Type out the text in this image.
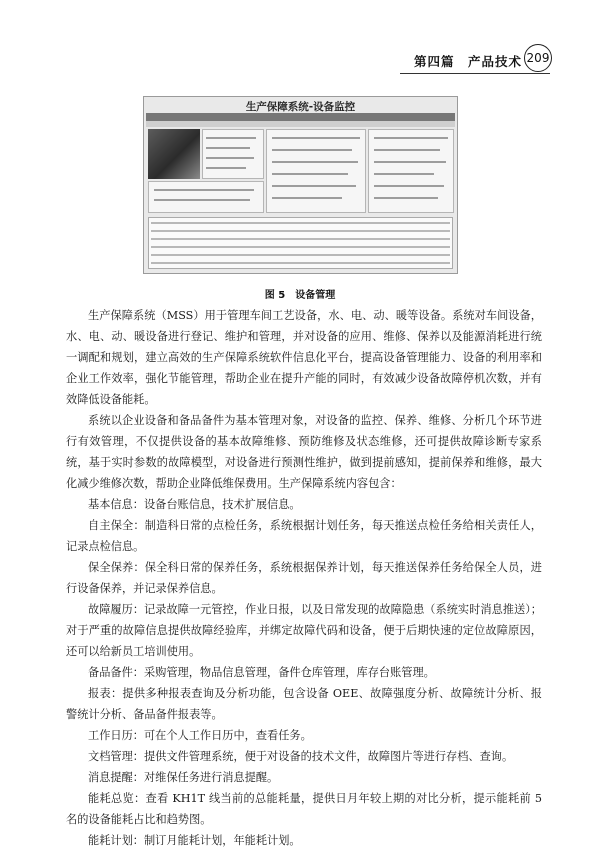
第四篇　产品技术 209
生产保障系统-设备监控
图 5　设备管理

生产保障系统（MSS）用于管理车间工艺设备，水、电、动、暖等设备。系统对车间设备，水、电、动、暖设备进行登记、维护和管理，并对设备的应用、维修、保养以及能源消耗进行统一调配和规划，建立高效的生产保障系统软件信息化平台，提高设备管理能力、设备的利用率和企业工作效率，强化节能管理，帮助企业在提升产能的同时，有效减少设备故障停机次数，并有效降低设备能耗。

系统以企业设备和备品备件为基本管理对象，对设备的监控、保养、维修、分析几个环节进行有效管理，不仅提供设备的基本故障维修、预防维修及状态维修，还可提供故障诊断专家系统，基于实时参数的故障模型，对设备进行预测性维护，做到提前感知，提前保养和维修，最大化减少维修次数，帮助企业降低维保费用。生产保障系统内容包含：

基本信息：设备台账信息，技术扩展信息。

自主保全：制造科日常的点检任务，系统根据计划任务，每天推送点检任务给相关责任人，记录点检信息。

保全保养：保全科日常的保养任务，系统根据保养计划，每天推送保养任务给保全人员，进行设备保养，并记录保养信息。

故障履历：记录故障一元管控，作业日报，以及日常发现的故障隐患（系统实时消息推送）；对于严重的故障信息提供故障经验库，并绑定故障代码和设备，便于后期快速的定位故障原因，还可以给新员工培训使用。

备品备件：采购管理，物品信息管理，备件仓库管理，库存台账管理。

报表：提供多种报表查询及分析功能，包含设备 OEE、故障强度分析、故障统计分析、报警统计分析、备品备件报表等。

工作日历：可在个人工作日历中，查看任务。

文档管理：提供文件管理系统，便于对设备的技术文件，故障图片等进行存档、查询。

消息提醒：对维保任务进行消息提醒。

能耗总览：查看 KH1T 线当前的总能耗量，提供日月年较上期的对比分析，提示能耗前 5 名的设备能耗占比和趋势图。

能耗计划：制订月能耗计划，年能耗计划。
